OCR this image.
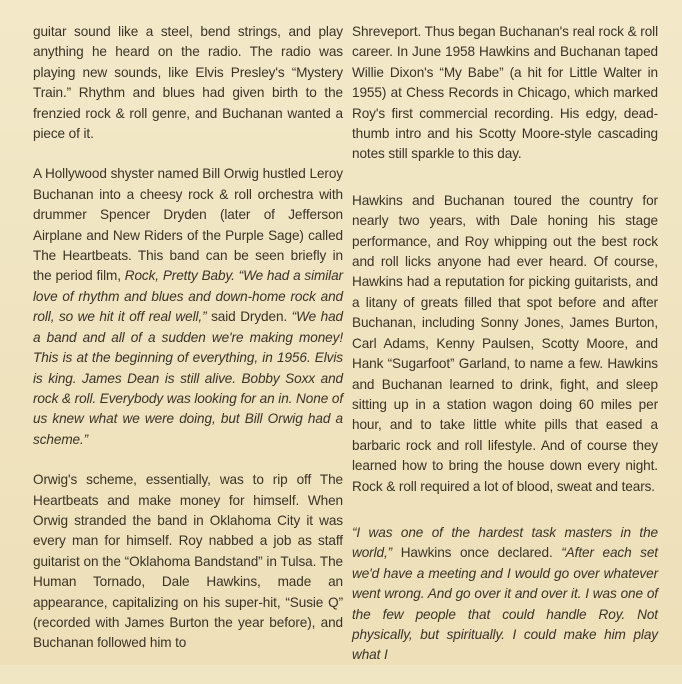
guitar sound like a steel, bend strings, and play anything he heard on the radio. The radio was playing new sounds, like Elvis Presley's “Mystery Train.” Rhythm and blues had given birth to the frenzied rock & roll genre, and Buchanan wanted a piece of it.

A Hollywood shyster named Bill Orwig hustled Leroy Buchanan into a cheesy rock & roll orchestra with drummer Spencer Dryden (later of Jefferson Airplane and New Riders of the Purple Sage) called The Heartbeats. This band can be seen briefly in the period film, Rock, Pretty Baby. “We had a similar love of rhythm and blues and down-home rock and roll, so we hit it off real well,” said Dryden. “We had a band and all of a sudden we're making money! This is at the beginning of everything, in 1956. Elvis is king. James Dean is still alive. Bobby Soxx and rock & roll. Everybody was looking for an in. None of us knew what we were doing, but Bill Orwig had a scheme.”

Orwig's scheme, essentially, was to rip off The Heartbeats and make money for himself. When Orwig stranded the band in Oklahoma City it was every man for himself. Roy nabbed a job as staff guitarist on the “Oklahoma Bandstand” in Tulsa. The Human Tornado, Dale Hawkins, made an appearance, capitalizing on his super-hit, “Susie Q” (recorded with James Burton the year before), and Buchanan followed him to

Shreveport. Thus began Buchanan's real rock & roll career. In June 1958 Hawkins and Buchanan taped Willie Dixon's “My Babe” (a hit for Little Walter in 1955) at Chess Records in Chicago, which marked Roy's first commercial recording. His edgy, dead-thumb intro and his Scotty Moore-style cascading notes still sparkle to this day.

Hawkins and Buchanan toured the country for nearly two years, with Dale honing his stage performance, and Roy whipping out the best rock and roll licks anyone had ever heard. Of course, Hawkins had a reputation for picking guitarists, and a litany of greats filled that spot before and after Buchanan, including Sonny Jones, James Burton, Carl Adams, Kenny Paulsen, Scotty Moore, and Hank “Sugarfoot” Garland, to name a few. Hawkins and Buchanan learned to drink, fight, and sleep sitting up in a station wagon doing 60 miles per hour, and to take little white pills that eased a barbaric rock and roll lifestyle. And of course they learned how to bring the house down every night. Rock & roll required a lot of blood, sweat and tears.

“I was one of the hardest task masters in the world,” Hawkins once declared. “After each set we'd have a meeting and I would go over whatever went wrong. And go over it and over it. I was one of the few people that could handle Roy. Not physically, but spiritually. I could make him play what I
